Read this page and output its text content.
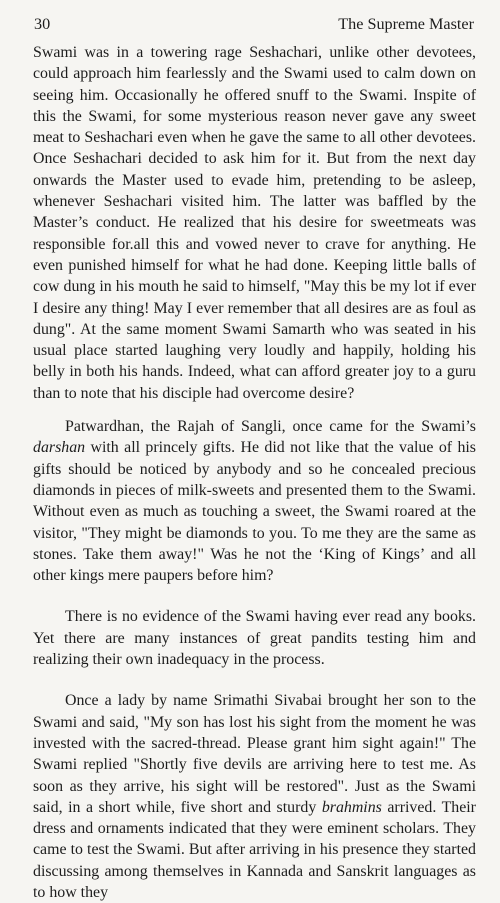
30	The Supreme Master

Swami was in a towering rage Seshachari, unlike other devotees, could approach him fearlessly and the Swami used to calm down on seeing him. Occasionally he offered snuff to the Swami. Inspite of this the Swami, for some mysterious reason never gave any sweet meat to Seshachari even when he gave the same to all other devotees. Once Seshachari decided to ask him for it. But from the next day onwards the Master used to evade him, pretending to be asleep, whenever Seshachari visited him. The latter was baffled by the Master’s conduct. He realized that his desire for sweetmeats was responsible for.all this and vowed never to crave for anything. He even punished himself for what he had done. Keeping little balls of cow dung in his mouth he said to himself, "May this be my lot if ever I desire any thing! May I ever remember that all desires are as foul as dung". At the same moment Swami Samarth who was seated in his usual place started laughing very loudly and happily, holding his belly in both his hands. Indeed, what can afford greater joy to a guru than to note that his disciple had overcome desire?

Patwardhan, the Rajah of Sangli, once came for the Swami’s darshan with all princely gifts. He did not like that the value of his gifts should be noticed by anybody and so he concealed precious diamonds in pieces of milk-sweets and presented them to the Swami. Without even as much as touching a sweet, the Swami roared at the visitor, "They might be diamonds to you. To me they are the same as stones. Take them away!" Was he not the ‘King of Kings’ and all other kings mere paupers before him?

There is no evidence of the Swami having ever read any books. Yet there are many instances of great pandits testing him and realizing their own inadequacy in the process.

Once a lady by name Srimathi Sivabai brought her son to the Swami and said, "My son has lost his sight from the moment he was invested with the sacred-thread. Please grant him sight again!" The Swami replied "Shortly five devils are arriving here to test me. As soon as they arrive, his sight will be restored". Just as the Swami said, in a short while, five short and sturdy brahmins arrived. Their dress and ornaments indicated that they were eminent scholars. They came to test the Swami. But after arriving in his presence they started discussing among themselves in Kannada and Sanskrit languages as to how they
